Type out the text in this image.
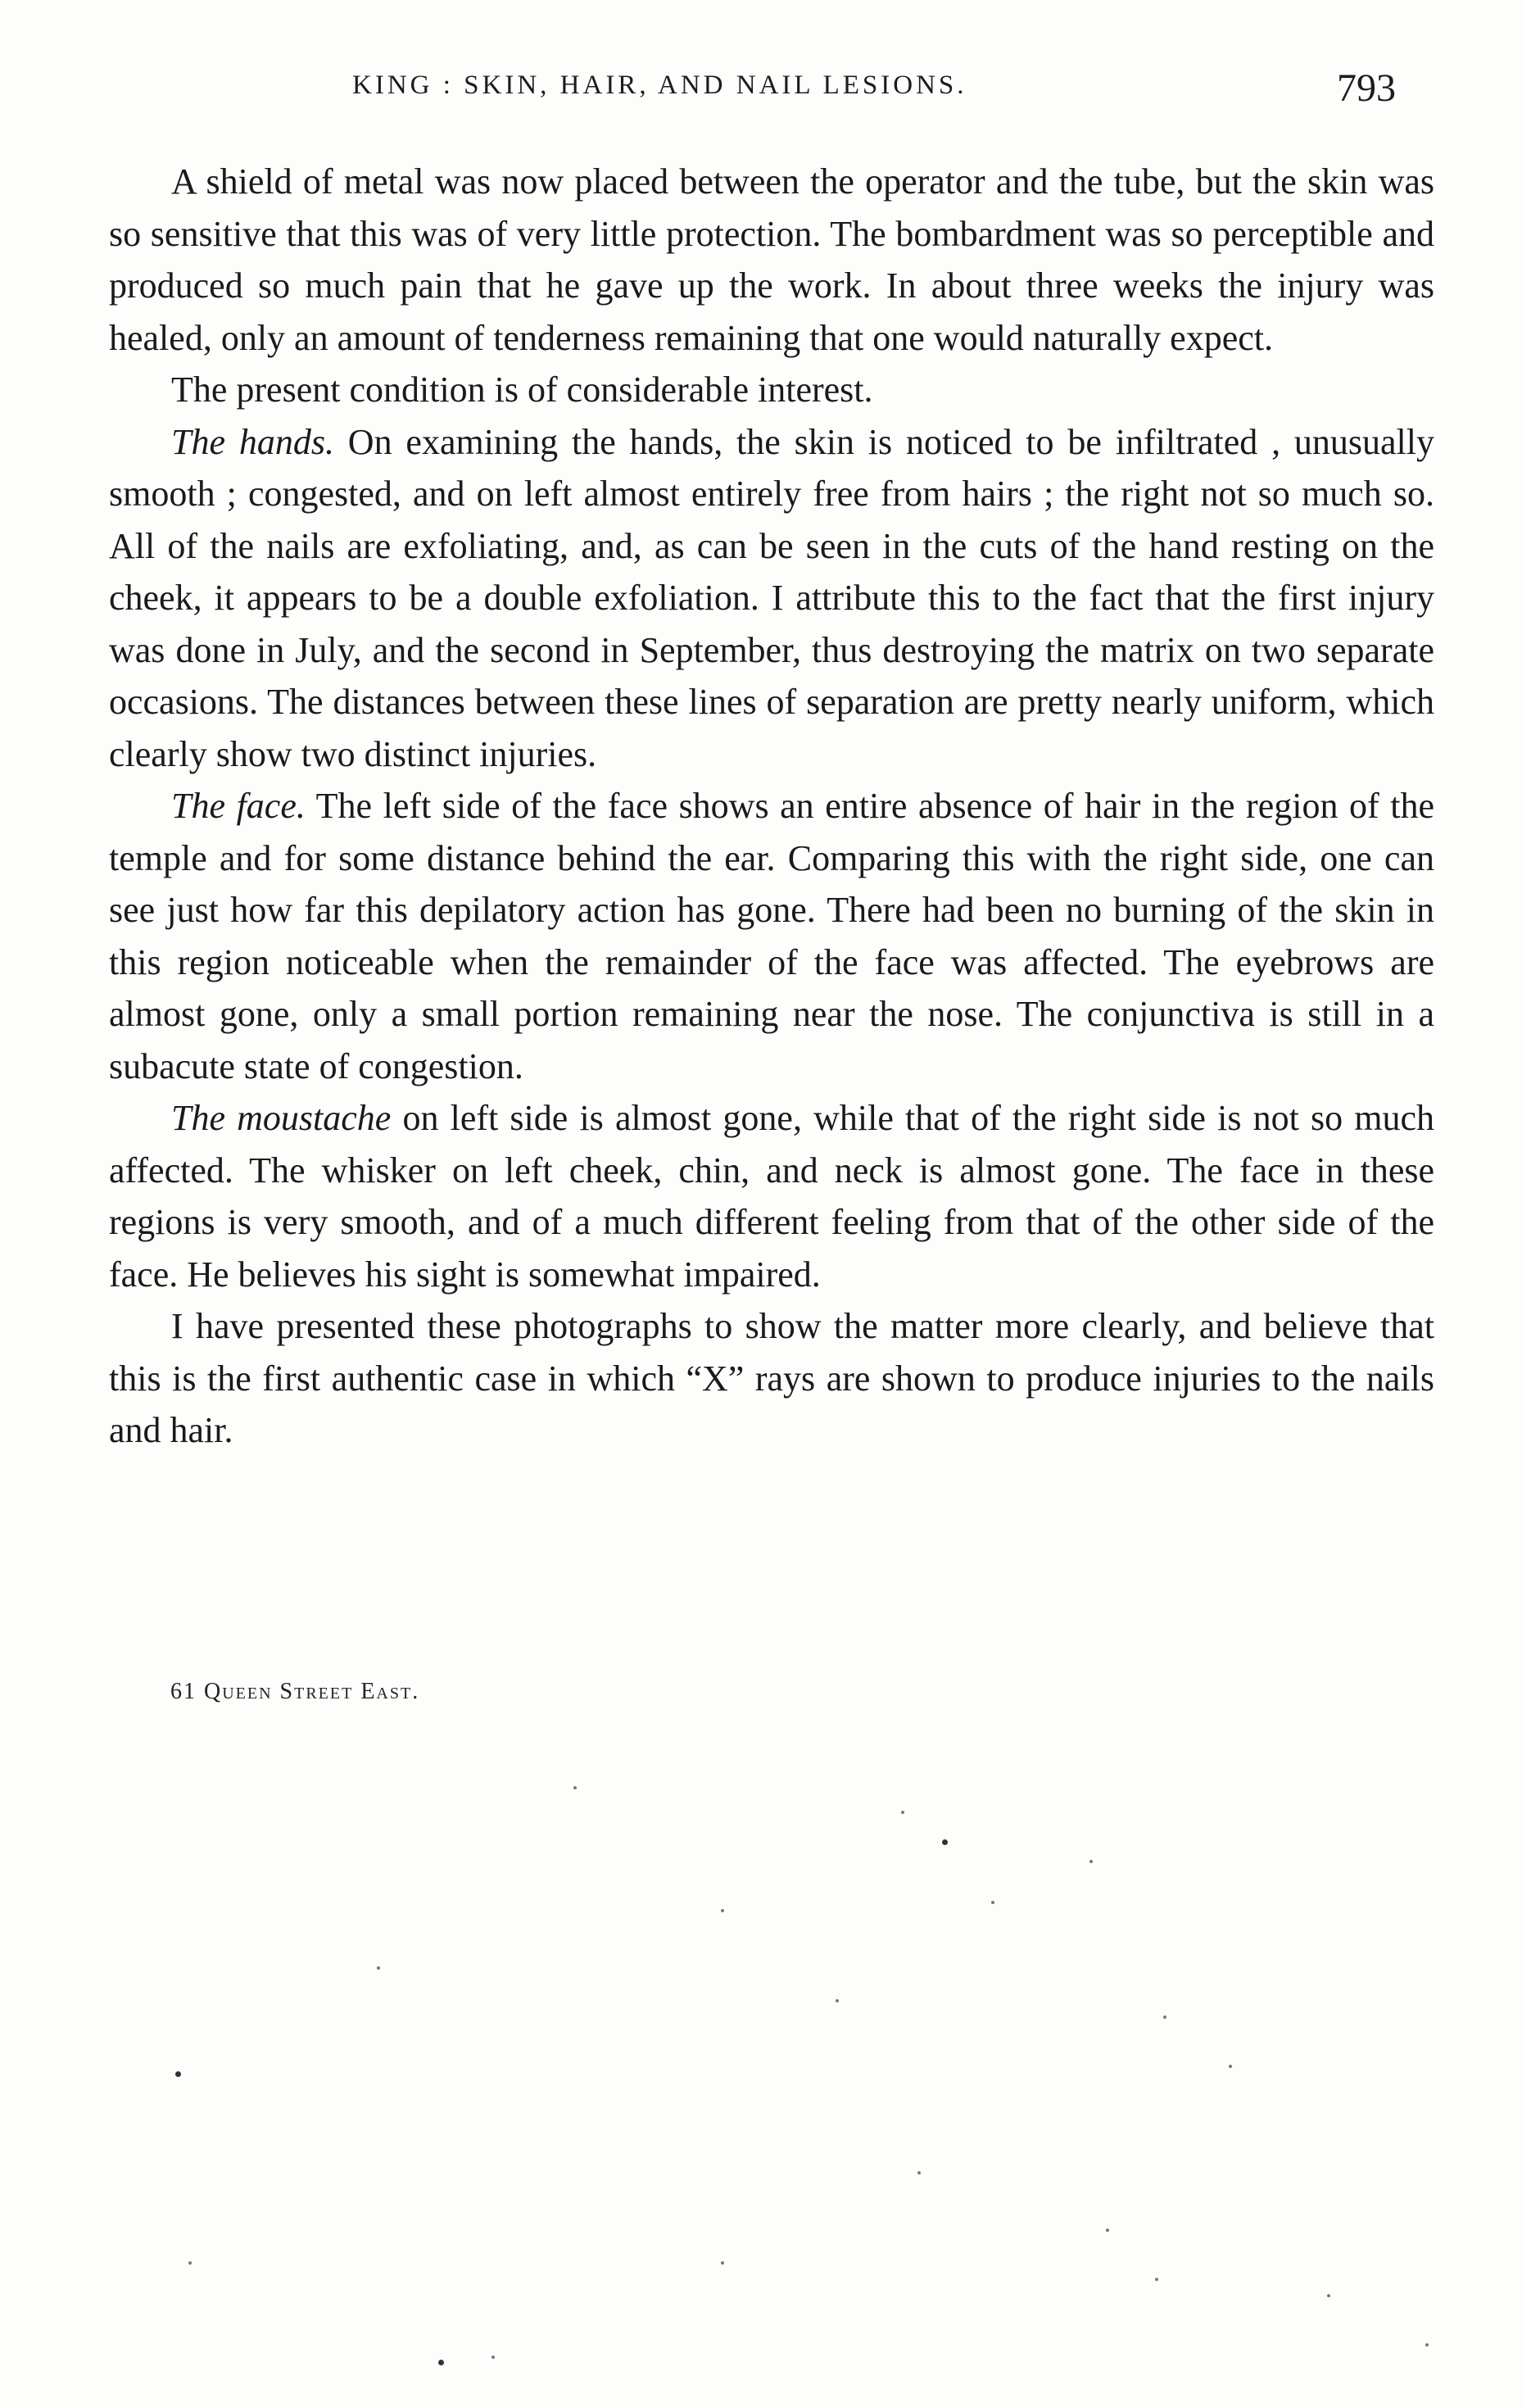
KING : SKIN, HAIR, AND NAIL LESIONS.	793

A shield of metal was now placed between the operator and the tube, but the skin was so sensitive that this was of very little protection. The bombardment was so perceptible and produced so much pain that he gave up the work. In about three weeks the injury was healed, only an amount of tenderness remaining that one would naturally expect.

The present condition is of considerable interest.

The hands. On examining the hands, the skin is noticed to be infiltrated , unusually smooth ; congested, and on left almost entirely free from hairs ; the right not so much so. All of the nails are exfoliating, and, as can be seen in the cuts of the hand resting on the cheek, it appears to be a double exfoliation. I attribute this to the fact that the first injury was done in July, and the second in September, thus destroying the matrix on two separate occasions. The distances between these lines of separation are pretty nearly uniform, which clearly show two distinct injuries.

The face. The left side of the face shows an entire absence of hair in the region of the temple and for some distance behind the ear. Comparing this with the right side, one can see just how far this depilatory action has gone. There had been no burning of the skin in this region noticeable when the remainder of the face was affected. The eyebrows are almost gone, only a small portion remaining near the nose. The conjunctiva is still in a subacute state of congestion.

The moustache on left side is almost gone, while that of the right side is not so much affected. The whisker on left cheek, chin, and neck is almost gone. The face in these regions is very smooth, and of a much different feeling from that of the other side of the face. He believes his sight is somewhat impaired.

I have presented these photographs to show the matter more clearly, and believe that this is the first authentic case in which “X” rays are shown to produce injuries to the nails and hair.

61 Queen Street East.
